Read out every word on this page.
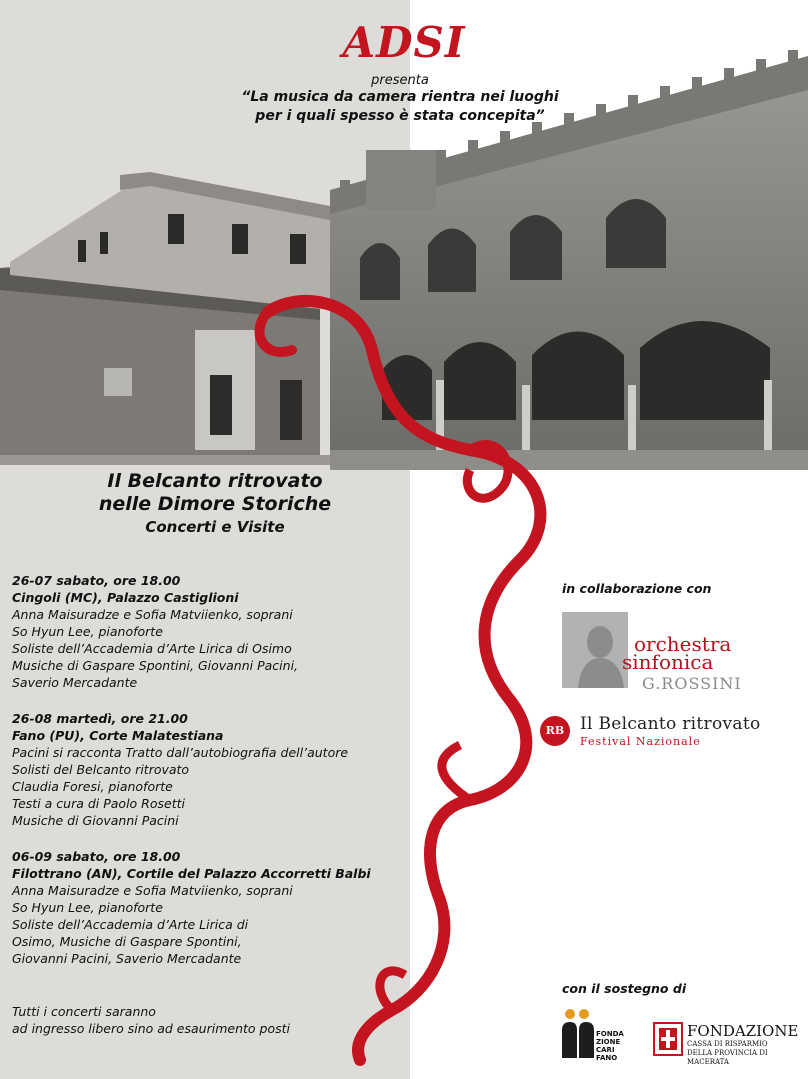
ADSI
presenta
“La musica da camera rientra nei luoghi
per i quali spesso è stata concepita”
Il Belcanto ritrovato
nelle Dimore Storiche
Concerti e Visite
26-07 sabato, ore 18.00
Cingoli (MC), Palazzo Castiglioni
Anna Maisuradze e Sofia Matviienko, soprani
So Hyun Lee, pianoforte
Soliste dell’Accademia d’Arte Lirica di Osimo
Musiche di Gaspare Spontini, Giovanni Pacini,
Saverio Mercadante
26-08 martedì, ore 21.00
Fano (PU), Corte Malatestiana
Pacini si racconta Tratto dall’autobiografia dell’autore
Solisti del Belcanto ritrovato
Claudia Foresi, pianoforte
Testi a cura di Paolo Rosetti
Musiche di Giovanni Pacini
06-09 sabato, ore 18.00
Filottrano (AN), Cortile del Palazzo Accorretti Balbi
Anna Maisuradze e Sofia Matviienko, soprani
So Hyun Lee, pianoforte
Soliste dell’Accademia d’Arte Lirica di
Osimo, Musiche di Gaspare Spontini,
Giovanni Pacini, Saverio Mercadante
Tutti i concerti saranno
ad ingresso libero sino ad esaurimento posti
in collaborazione con
orchestra
sinfonica
G.ROSSINI
RB Il Belcanto ritrovato
Festival Nazionale
con il sostegno di
FONDA ZIONE CARI FANO
FONDAZIONE
CASSA DI RISPARMIO
DELLA PROVINCIA DI MACERATA
